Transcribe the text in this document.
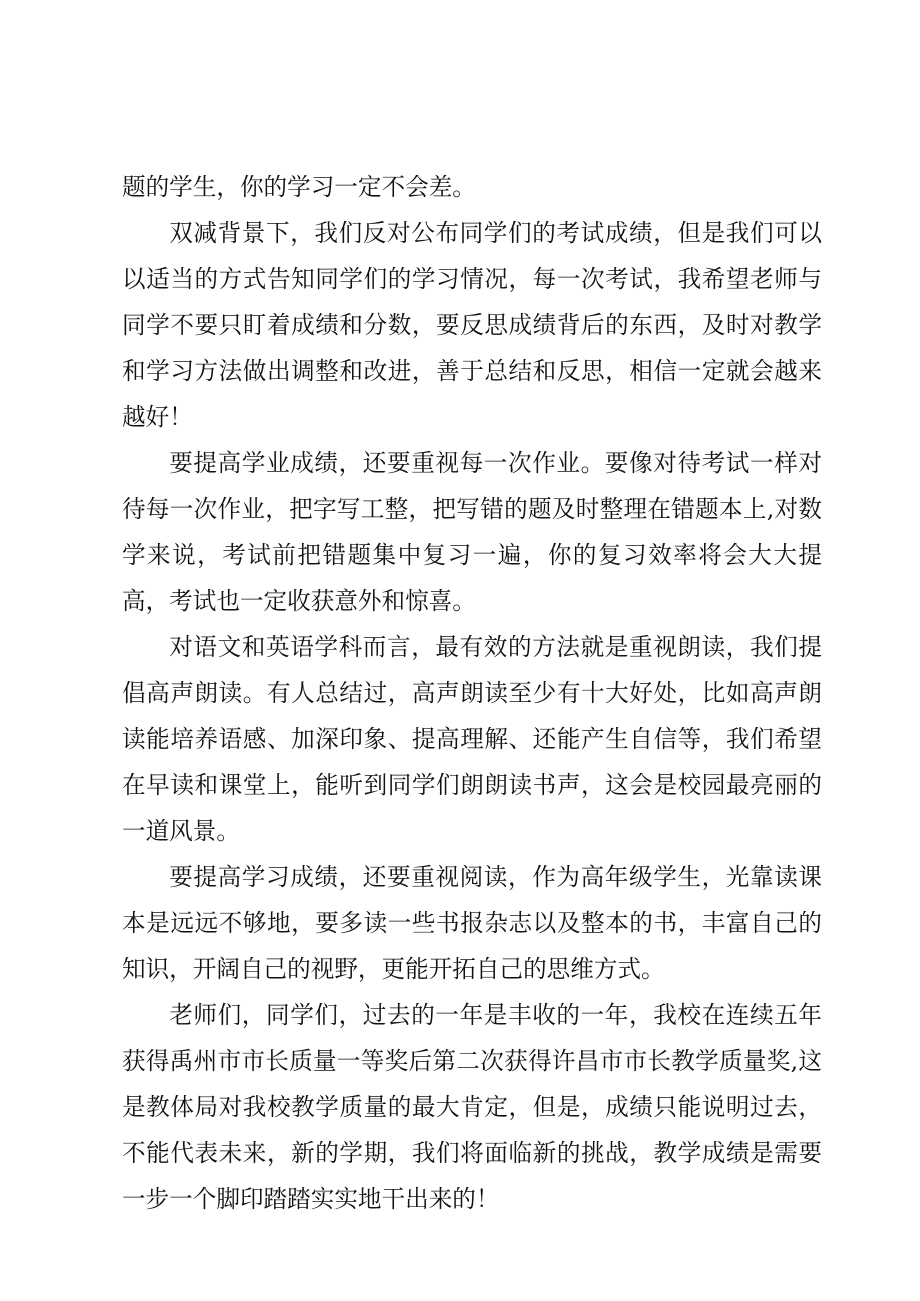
题的学生，你的学习一定不会差。

双减背景下，我们反对公布同学们的考试成绩，但是我们可以以适当的方式告知同学们的学习情况，每一次考试，我希望老师与同学不要只盯着成绩和分数，要反思成绩背后的东西，及时对教学和学习方法做出调整和改进，善于总结和反思，相信一定就会越来越好！

要提高学业成绩，还要重视每一次作业。要像对待考试一样对待每一次作业，把字写工整，把写错的题及时整理在错题本上,对数学来说，考试前把错题集中复习一遍，你的复习效率将会大大提高，考试也一定收获意外和惊喜。

对语文和英语学科而言，最有效的方法就是重视朗读，我们提倡高声朗读。有人总结过，高声朗读至少有十大好处，比如高声朗读能培养语感、加深印象、提高理解、还能产生自信等，我们希望在早读和课堂上，能听到同学们朗朗读书声，这会是校园最亮丽的一道风景。

要提高学习成绩，还要重视阅读，作为高年级学生，光靠读课本是远远不够地，要多读一些书报杂志以及整本的书，丰富自己的知识，开阔自己的视野，更能开拓自己的思维方式。

老师们，同学们，过去的一年是丰收的一年，我校在连续五年获得禹州市市长质量一等奖后第二次获得许昌市市长教学质量奖,这是教体局对我校教学质量的最大肯定，但是，成绩只能说明过去，不能代表未来，新的学期，我们将面临新的挑战，教学成绩是需要一步一个脚印踏踏实实地干出来的！
